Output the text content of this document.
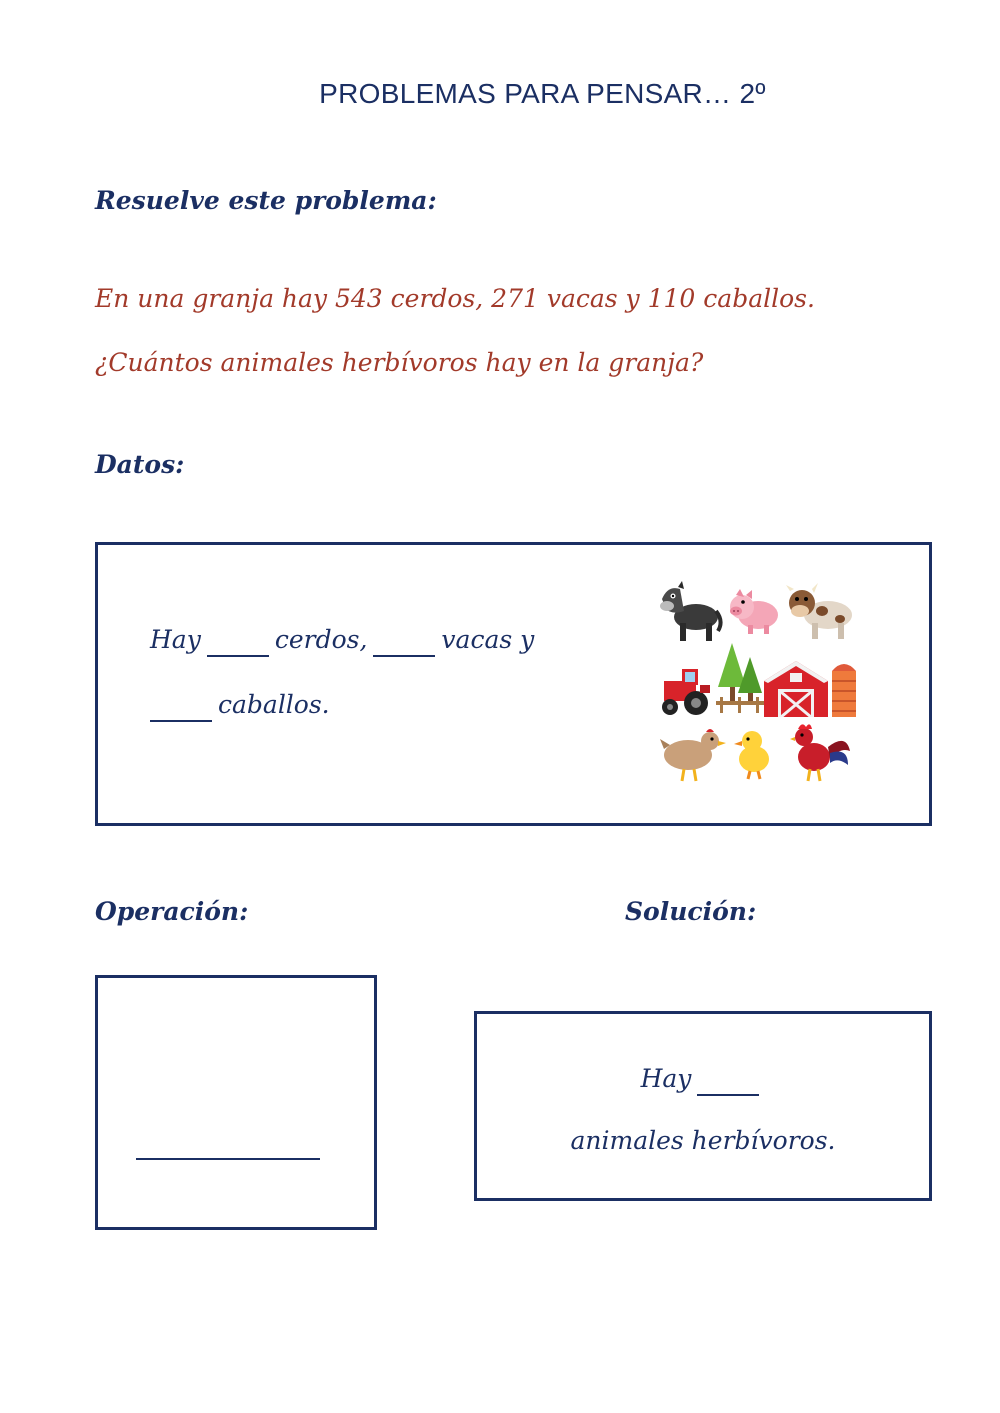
PROBLEMAS PARA PENSAR… 2º
Resuelve este problema:
En una granja hay 543 cerdos, 271 vacas y 110 caballos.
¿Cuántos animales herbívoros hay en la granja?
Datos:
Hay	cerdos,	vacas y
caballos.
Operación:	Solución:
Hay
animales herbívoros.
